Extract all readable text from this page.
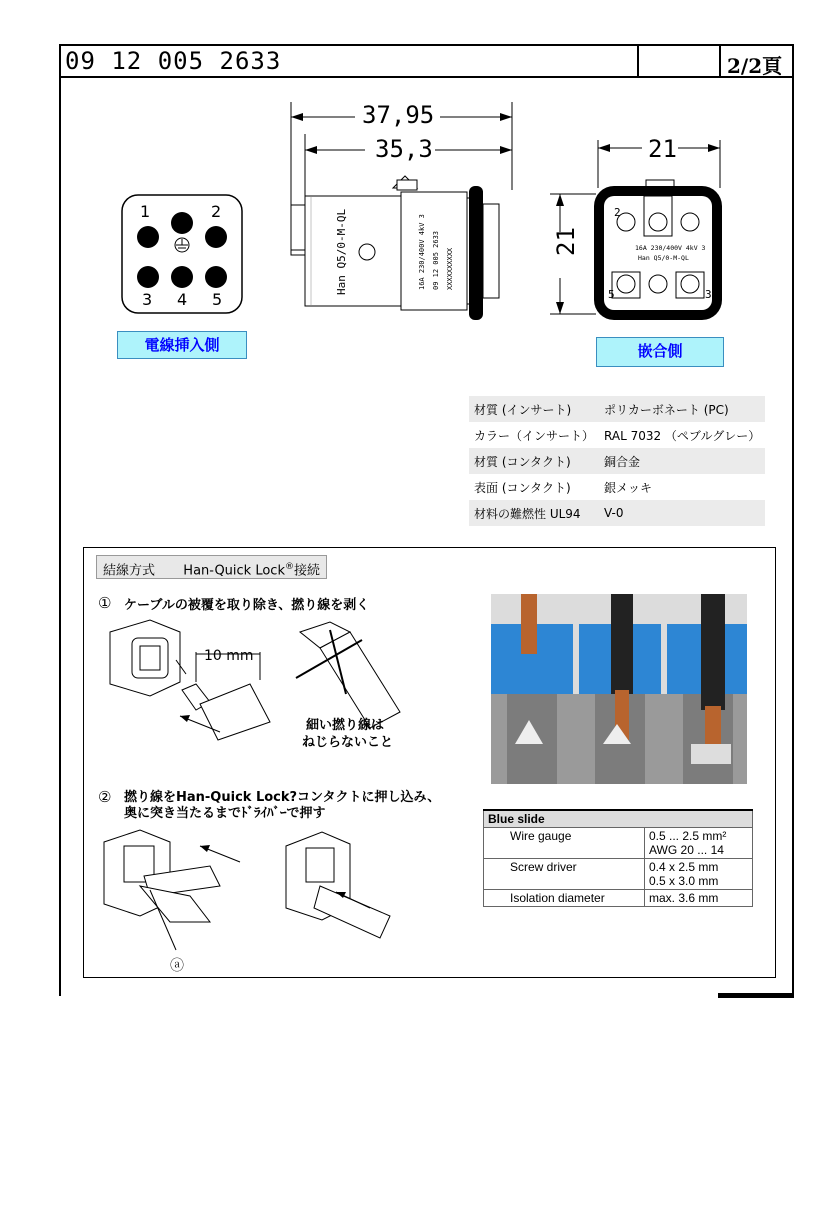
09 12 005 2633	2/2頁
1	2
3 4 5
電線挿入側
Han Q5/0-M-QL	16A 230/400V 4kV 3 09 12 005 2633 XXXXXXXXXX
37,95
35,3
2
5	3
16A 230/400V 4kV 3
Han Q5/0-M-QL
21
21
嵌合側
材質 (インサート)	ポリカーボネート (PC)
カラー（インサート）	RAL 7032 （ペブルグレー）
材質 (コンタクト)	銅合金
表面 (コンタクト)	銀メッキ
材料の難燃性 UL94	V-0
結線方式 Han-Quick Lock®接続
① ケーブルの被覆を取り除き、撚り線を剥く
10 mm
細い撚り線は
ねじらないこと
② 撚り線をHan-Quick Lock?コンタクトに押し込み、
奥に突き当たるまでﾄﾞﾗｲﾊﾞｰで押す
ⓐ
Blue slide	
Wire gauge	0.5 ... 2.5 mm²
AWG 20 ... 14

Screw driver	0.4 x 2.5 mm
0.5 x 3.0 mm

Isolation diameter	max. 3.6 mm
